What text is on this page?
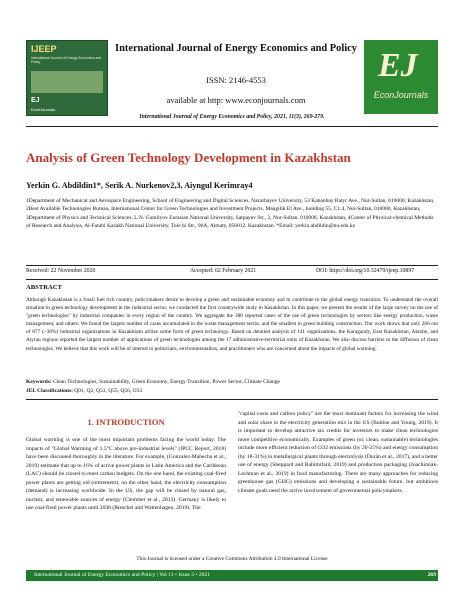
IJEEP
International Journal of Energy Economics and Policy
EJ
EconJournals
International Journal of Energy Economics and Policy
ISSN: 2146-4553
available at http: www.econjournals.com
EJ
EconJournals
International Journal of Energy Economics and Policy, 2021, 11(3), 269-279.
Analysis of Green Technology Development in Kazakhstan
Yerkin G. Abdildin1*, Serik A. Nurkenov2,3, Aiyngul Kerimray4
1Department of Mechanical and Aerospace Engineering, School of Engineering and Digital Sciences, Nazarbayev University, 53 Kabanbay Batyr Ave., Nur-Sultan, 010000, Kazakhstan, 2Best Available Technologies Bureau, International Center for Green Technologies and Investment Projects, Mangilik El Ave., building 55, C1.4, Nur-Sultan, 010000, Kazakhstan, 3Department of Physics and Technical Sciences, L.N. Gumilyov Eurasian National University, Satpayev Str., 2, Nur-Sultan, 010008, Kazakhstan, 4Center of Physical-chemical Methods of Research and Analysis, Al-Farabi Kazakh National University, Tole bi Str., 96A, Almaty, 050012, Kazakhstan. *Email: yerkin.abdildin@nu.edu.kz
Received: 22 November 2020	Accepted: 02 February 2021	DOI: https://doi.org/10.32479/ijeep.10897
ABSTRACT
Although Kazakhstan is a fossil fuel rich country, policymakers desire to develop a green and sustainable economy and to contribute to the global energy transition. To understand the overall situation in green technology development in the industrial sector, we conducted the first countrywide study in Kazakhstan. In this paper, we present the results of the large survey on the use of "green technologies" by industrial companies in every region of the country. We aggregate the 380 reported cases of the use of green technologies by sectors like energy production, waste management, and others. We found the largest number of cases accumulated in the waste management sector, and the smallest in green building construction. Our work shows that only 266 out of 877 (~30%) industrial organizations in Kazakhstan utilize some form of green technology. Based on detailed analysis of 141 organizations, the Karagandy, East Kazakhstan, Aktobe, and Atyrau regions reported the largest number of applications of green technologies among the 17 administrative-territorial units of Kazakhstan. We also discuss barriers to the diffusion of clean technologies. We believe that this work will be of interest to politicians, environmentalists, and practitioners who are concerned about the impacts of global warming.
Keywords: Clean Technologies, Sustainability, Green Economy, Energy Transition, Power Sector, Climate Change
JEL Classifications: Q01, Q2, Q53, Q55, Q56, O33
1. INTRODUCTION
Global warming is one of the most important problems facing the world today. The impacts of "Global Warming of 1.5°C above pre-industrial levels" (IPCC Report, 2018) have been discussed thoroughly in the literature. For example, (Gonzalez-Mahecha et al., 2019) estimate that up to 16% of active power plants in Latin America and the Caribbean (LAC) should be closed to meet carbon budgets. On the one hand, the existing coal-fired power plants are getting old (retirement); on the other hand, the electricity consumption (demand) is increasing worldwide. In the US, the gap will be closed by natural gas, nuclear, and renewable sources of energy (Clemmer et al., 2013). Germany is likely to use coal-fired power plants until 2038 (Rieschel and Wattenhagen, 2019). The
"capital costs and carbon policy" are the most dominant factors for increasing the wind and solar share in the electricity generation mix in the US (Butline and Young, 2019). It is important to develop attractive tax credits for investors to make clean technologies more competitive economically. Examples of green (or, clean, sustainable) technologies include more efficient reduction of CO2 emissions (by 20-25%) and energy consumption (by 18-31%) in metallurgical plants through electrolysis (Durán et al., 2017), and a better use of energy (Sheppard and Rahimifard, 2019) and production packaging (Joachimiak-Lechman et al., 2019) in food manufacturing. There are many approaches for reducing greenhouse gas (GHG) emissions and developing a sustainable future, but ambitious climate goals need the active involvement of governmental policymakers.
This Journal is licensed under a Creative Commons Attribution 4.0 International License
International Journal of Energy Economics and Policy | Vol 11 • Issue 3 • 2021	269
